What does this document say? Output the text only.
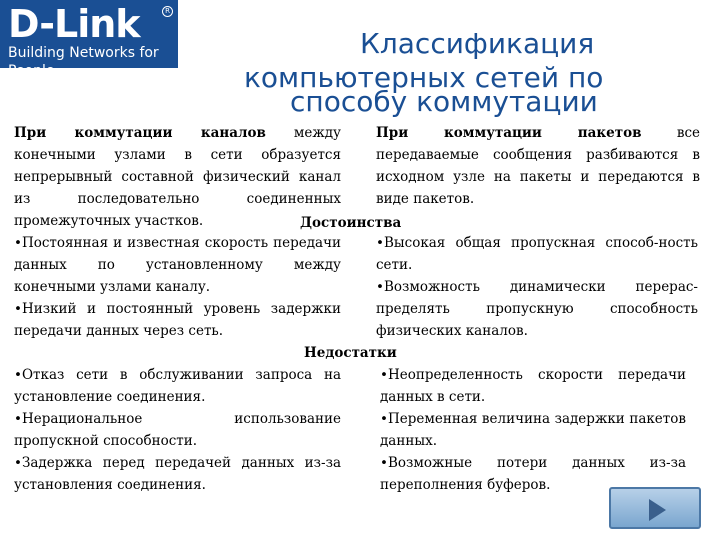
D-Link	R
Building Networks for People
Классификация
компьютерных сетей по
способу коммутации

При коммутации каналов между конечными узлами в сети образуется непрерывный составной физический канал из последовательно соединенных промежуточных участков.

При коммутации пакетов все передаваемые сообщения разбиваются в исходном узле на пакеты и передаются в виде пакетов.

Достоинства
•Постоянная и известная скорость передачи данных по установленному между конечными узлами каналу.
•Низкий и постоянный уровень задержки передачи данных через сеть.
•Высокая общая пропускная способ-ность сети.
•Возможность динамически перерас-пределять пропускную способность физических каналов.
Недостатки
•Отказ сети в обслуживании запроса на установление соединения.
•Нерациональное использование пропускной способности.
•Задержка перед передачей данных из-за установления соединения.
•Неопределенность скорости передачи данных в сети.
•Переменная величина задержки пакетов данных.
•Возможные потери данных из-за переполнения буферов.
